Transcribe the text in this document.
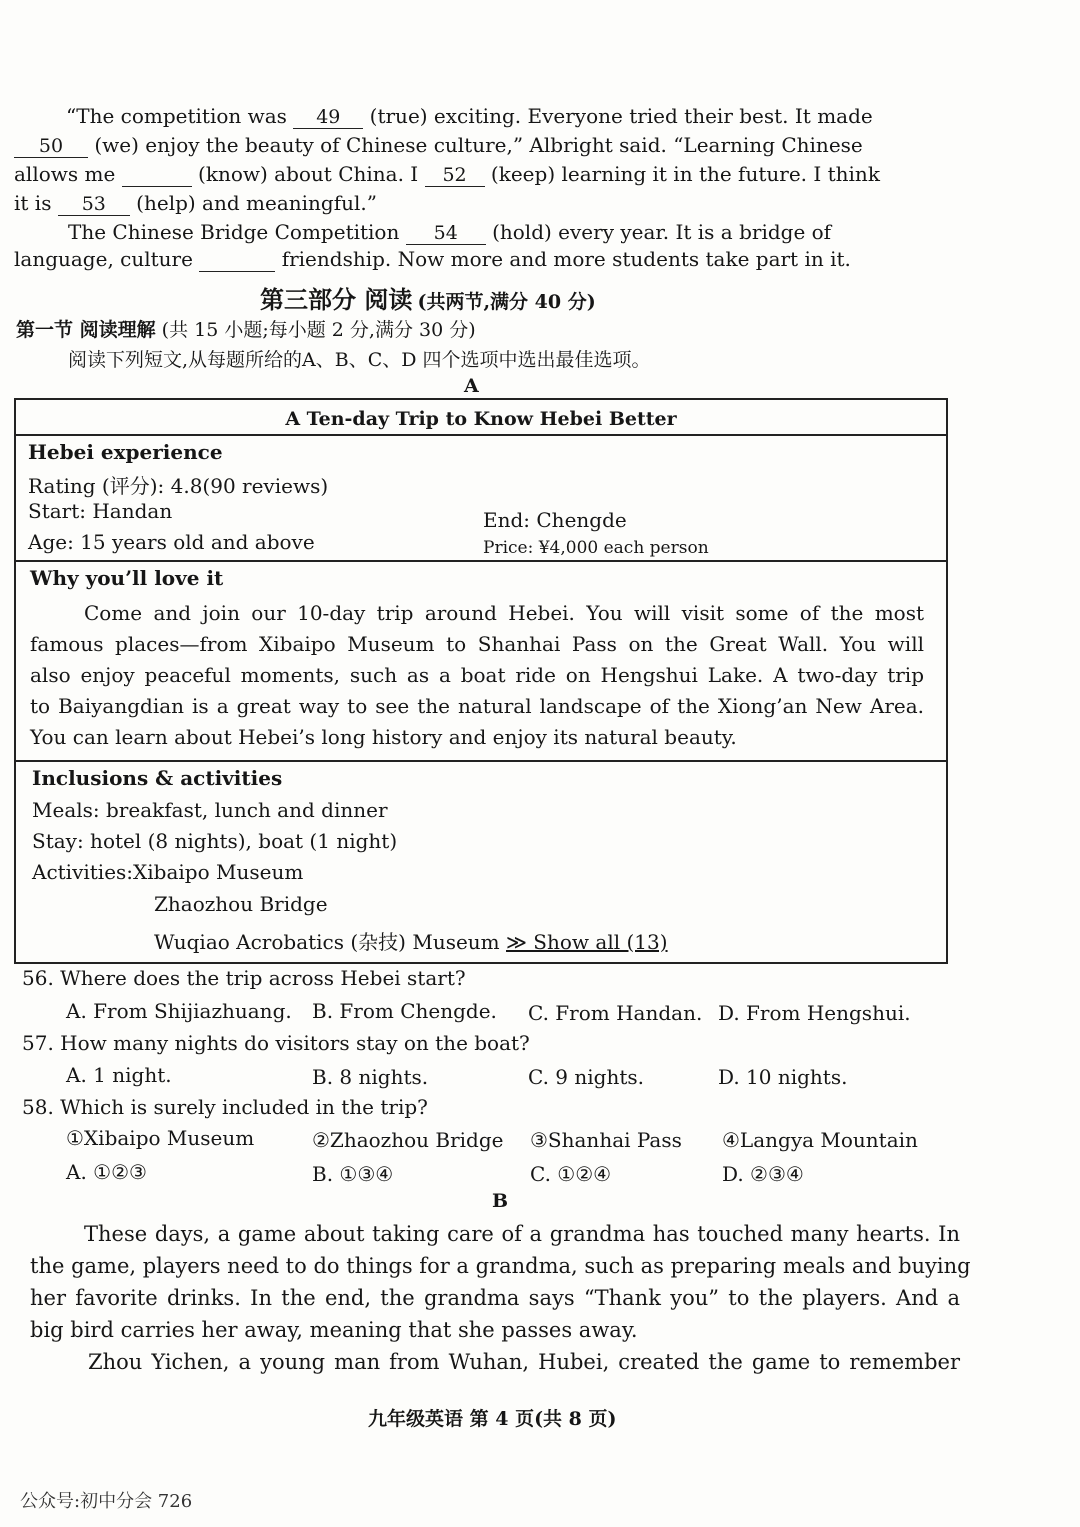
“The competition was 49 (true) exciting. Everyone tried their best. It made
50 (we) enjoy the beauty of Chinese culture,” Albright said. “Learning Chinese
allows me	(know) about China. I 52 (keep) learning it in the future. I think
it is 53 (help) and meaningful.”
The Chinese Bridge Competition 54 (hold) every year. It is a bridge of
language, culture	friendship. Now more and more students take part in it.
第三部分 阅读 (共两节,满分 40 分)
第一节 阅读理解 (共 15 小题;每小题 2 分,满分 30 分)
阅读下列短文,从每题所给的A、B、C、D 四个选项中选出最佳选项。
A
A Ten-day Trip to Know Hebei Better
Hebei experience
Rating (评分): 4.8(90 reviews)
Start: Handan	End: Chengde
Age: 15 years old and above	Price: ¥4,000 each person
Why you’ll love it
Come and join our 10-day trip around Hebei. You will visit some of the most
famous places—from Xibaipo Museum to Shanhai Pass on the Great Wall. You will
also enjoy peaceful moments, such as a boat ride on Hengshui Lake. A two-day trip
to Baiyangdian is a great way to see the natural landscape of the Xiong’an New Area.
You can learn about Hebei’s long history and enjoy its natural beauty.
Inclusions & activities
Meals: breakfast, lunch and dinner
Stay: hotel (8 nights), boat (1 night)
Activities:Xibaipo Museum
Zhaozhou Bridge
Wuqiao Acrobatics (杂技) Museum ≫ Show all (13)
56. Where does the trip across Hebei start?
A. From Shijiazhuang. B. From Chengde. C. From Handan. D. From Hengshui.
57. How many nights do visitors stay on the boat?
A. 1 night.	B. 8 nights.	C. 9 nights.	D. 10 nights.
58. Which is surely included in the trip?
①Xibaipo Museum	②Zhaozhou Bridge ③Shanhai Pass ④Langya Mountain
A. ①②③	B. ①③④	C. ①②④	D. ②③④
B
These days, a game about taking care of a grandma has touched many hearts. In
the game, players need to do things for a grandma, such as preparing meals and buying
her favorite drinks. In the end, the grandma says “Thank you” to the players. And a
big bird carries her away, meaning that she passes away.
Zhou Yichen, a young man from Wuhan, Hubei, created the game to remember
九年级英语 第 4 页(共 8 页)
公众号:初中分会 726
